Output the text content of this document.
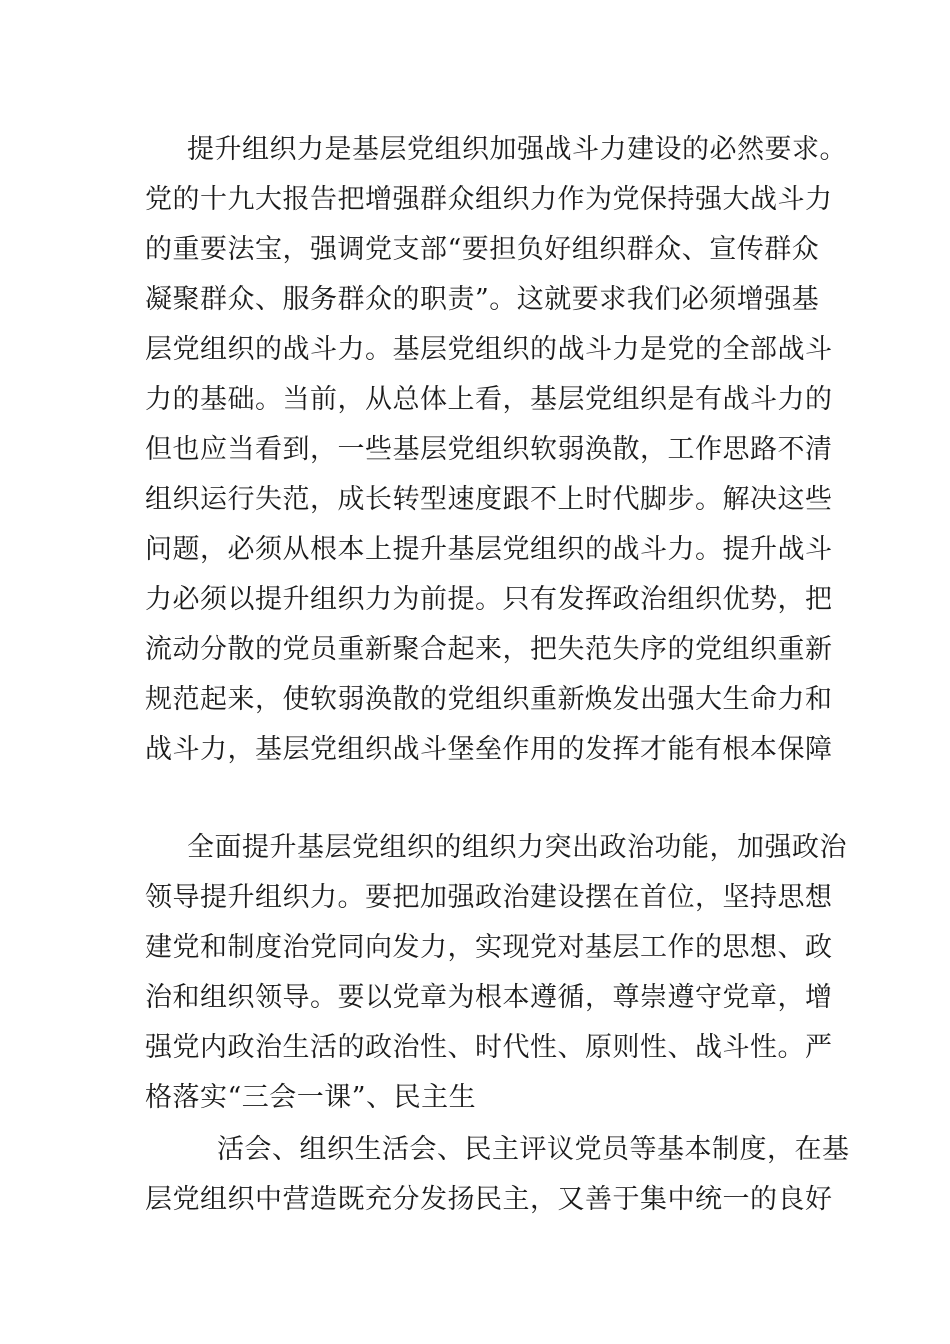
提升组织力是基层党组织加强战斗力建设的必然要求。
党的十九大报告把增强群众组织力作为党保持强大战斗力
的重要法宝，强调党支部“要担负好组织群众、宣传群众
凝聚群众、服务群众的职责”。这就要求我们必须增强基
层党组织的战斗力。基层党组织的战斗力是党的全部战斗
力的基础。当前，从总体上看，基层党组织是有战斗力的
但也应当看到，一些基层党组织软弱涣散，工作思路不清
组织运行失范，成长转型速度跟不上时代脚步。解决这些
问题，必须从根本上提升基层党组织的战斗力。提升战斗
力必须以提升组织力为前提。只有发挥政治组织优势，把
流动分散的党员重新聚合起来，把失范失序的党组织重新
规范起来，使软弱涣散的党组织重新焕发出强大生命力和
战斗力，基层党组织战斗堡垒作用的发挥才能有根本保障
全面提升基层党组织的组织力突出政治功能，加强政治
领导提升组织力。要把加强政治建设摆在首位，坚持思想
建党和制度治党同向发力，实现党对基层工作的思想、政
治和组织领导。要以党章为根本遵循，尊崇遵守党章，增
强党内政治生活的政治性、时代性、原则性、战斗性。严
格落实“三会一课”、民主生
活会、组织生活会、民主评议党员等基本制度，在基
层党组织中营造既充分发扬民主，又善于集中统一的良好
